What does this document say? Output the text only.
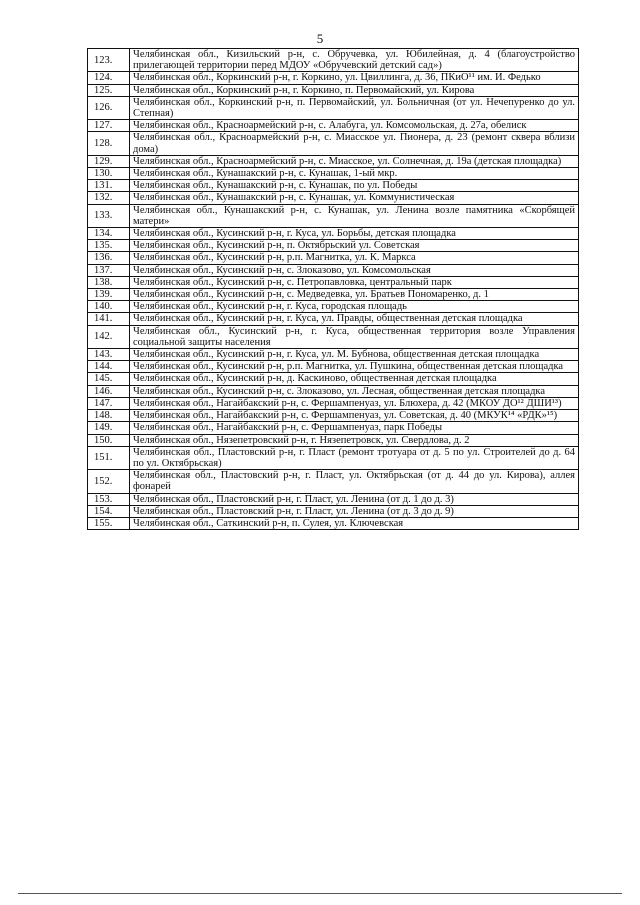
5
123.	Челябинская обл., Кизильский р-н, с. Обручевка, ул. Юбилейная, д. 4 (благоустройство прилегающей территории перед МДОУ «Обручевский детский сад»)
124.	Челябинская обл., Коркинский р-н, г. Коркино, ул. Цвиллинга, д. 36, ПКиО¹¹ им. И. Федько
125.	Челябинская обл., Коркинский р-н, г. Коркино, п. Первомайский, ул. Кирова
126.	Челябинская обл., Коркинский р-н, п. Первомайский, ул. Больничная (от ул. Нечепуренко до ул. Степная)
127.	Челябинская обл., Красноармейский р-н, с. Алабуга, ул. Комсомольская, д. 27а, обелиск
128.	Челябинская обл., Красноармейский р-н, с. Миасское ул. Пионера, д. 23 (ремонт сквера вблизи дома)
129.	Челябинская обл., Красноармейский р-н, с. Миасское, ул. Солнечная, д. 19а (детская площадка)
130.	Челябинская обл., Кунашакский р-н, с. Кунашак, 1-ый мкр.
131.	Челябинская обл., Кунашакский р-н, с. Кунашак, по ул. Победы
132.	Челябинская обл., Кунашакский р-н, с. Кунашак, ул. Коммунистическая
133.	Челябинская обл., Кунашакский р-н, с. Кунашак, ул. Ленина возле памятника «Скорбящей матери»
134.	Челябинская обл., Кусинский р-н, г. Куса, ул. Борьбы, детская площадка
135.	Челябинская обл., Кусинский р-н, п. Октябрьский ул. Советская
136.	Челябинская обл., Кусинский р-н, р.п. Магнитка, ул. К. Маркса
137.	Челябинская обл., Кусинский р-н, с. Злоказово, ул. Комсомольская
138.	Челябинская обл., Кусинский р-н, с. Петропавловка, центральный парк
139.	Челябинская обл., Кусинский р-н, с. Медведевка, ул. Братьев Пономаренко, д. 1
140.	Челябинская обл., Кусинский р-н, г. Куса, городская площадь
141.	Челябинская обл., Кусинский р-н, г. Куса, ул. Правды, общественная детская площадка
142.	Челябинская обл., Кусинский р-н, г. Куса, общественная территория возле Управления социальной защиты населения
143.	Челябинская обл., Кусинский р-н, г. Куса, ул. М. Бубнова, общественная детская площадка
144.	Челябинская обл., Кусинский р-н, р.п. Магнитка, ул. Пушкина, общественная детская площадка
145.	Челябинская обл., Кусинский р-н, д. Каскиново, общественная детская площадка
146.	Челябинская обл., Кусинский р-н, с. Злоказово, ул. Лесная, общественная детская площадка
147.	Челябинская обл., Нагайбакский р-н, с. Фершампенуаз, ул. Блюхера, д. 42 (МКОУ ДО¹² ДШИ¹³)
148.	Челябинская обл., Нагайбакский р-н, с. Фершампенуаз, ул. Советская, д. 40 (МКУК¹⁴ «РДК»¹⁵)
149.	Челябинская обл., Нагайбакский р-н, с. Фершампенуаз, парк Победы
150.	Челябинская обл., Нязепетровский р-н, г. Нязепетровск, ул. Свердлова, д. 2
151.	Челябинская обл., Пластовский р-н, г. Пласт (ремонт тротуара от д. 5 по ул. Строителей до д. 64 по ул. Октябрьская)
152.	Челябинская обл., Пластовский р-н, г. Пласт, ул. Октябрьская (от д. 44 до ул. Кирова), аллея фонарей
153.	Челябинская обл., Пластовский р-н, г. Пласт, ул. Ленина (от д. 1 до д. 3)
154.	Челябинская обл., Пластовский р-н, г. Пласт, ул. Ленина (от д. 3 до д. 9)
155.	Челябинская обл., Саткинский р-н, п. Сулея, ул. Ключевская
